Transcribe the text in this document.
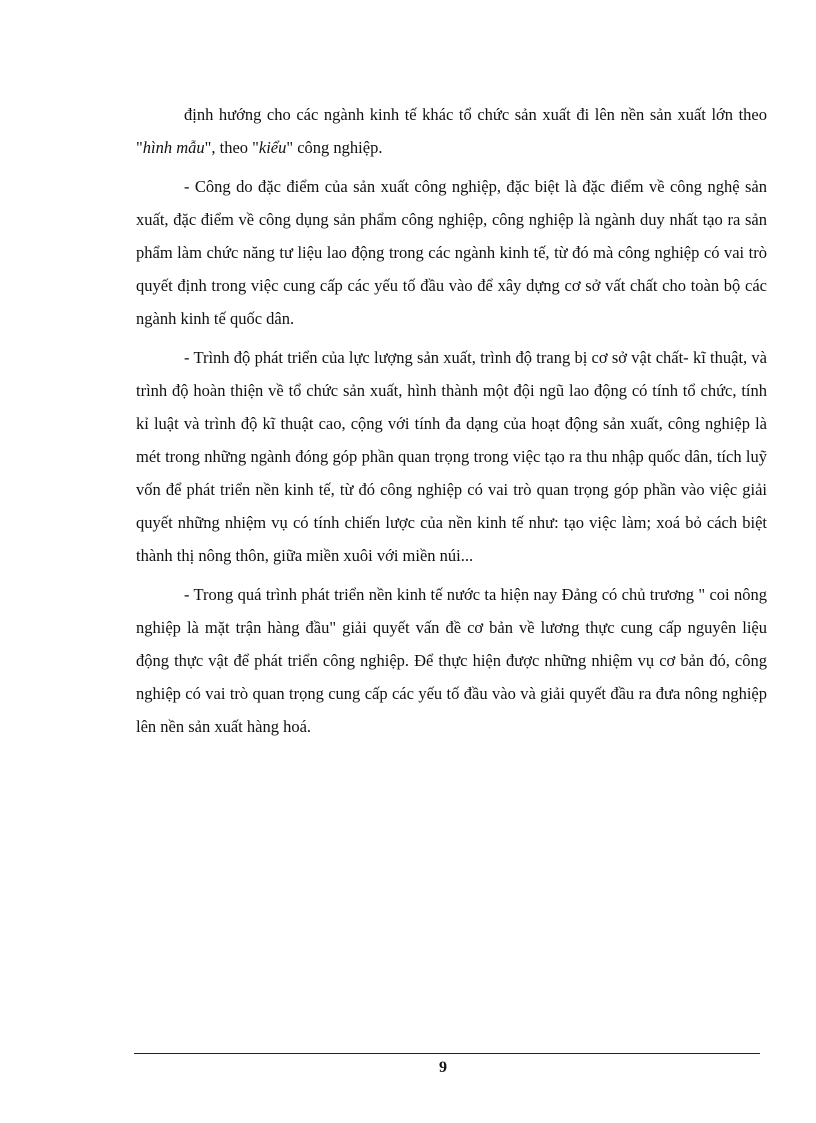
định hướng cho các ngành kinh tế khác tổ chức sản xuất đi lên nền sản xuất lớn theo "hình mẫu", theo "kiểu" công nghiệp.

- Công do đặc điểm của sản xuất công nghiệp, đặc biệt là đặc điểm về công nghệ sản xuất, đặc điểm về công dụng sản phẩm công nghiệp, công nghiệp là ngành duy nhất tạo ra sản phẩm làm chức năng tư liệu lao động trong các ngành kinh tế, từ đó mà công nghiệp có vai trò quyết định trong việc cung cấp các yếu tố đầu vào để xây dựng cơ sở vất chất cho toàn bộ các ngành kinh tế quốc dân.

- Trình độ phát triển của lực lượng sản xuất, trình độ trang bị cơ sở vật chất- kĩ thuật, và trình độ hoàn thiện về tổ chức sản xuất, hình thành một đội ngũ lao động có tính tổ chức, tính kỉ luật và trình độ kĩ thuật cao, cộng với tính đa dạng của hoạt động sản xuất, công nghiệp là mét trong những ngành đóng góp phần quan trọng trong việc tạo ra thu nhập quốc dân, tích luỹ vốn để phát triển nền kinh tế, từ đó công nghiệp có vai trò quan trọng góp phần vào việc giải quyết những nhiệm vụ có tính chiến lược của nền kinh tế như: tạo việc làm; xoá bỏ cách biệt thành thị nông thôn, giữa miền xuôi với miền núi...

- Trong quá trình phát triển nền kinh tế nước ta hiện nay Đảng có chủ trương " coi nông nghiệp là mặt trận hàng đầu" giải quyết vấn đề cơ bản về lương thực cung cấp nguyên liệu động thực vật để phát triển công nghiệp. Để thực hiện được những nhiệm vụ cơ bản đó, công nghiệp có vai trò quan trọng cung cấp các yếu tố đầu vào và giải quyết đầu ra đưa nông nghiệp lên nền sản xuất hàng hoá.

9
